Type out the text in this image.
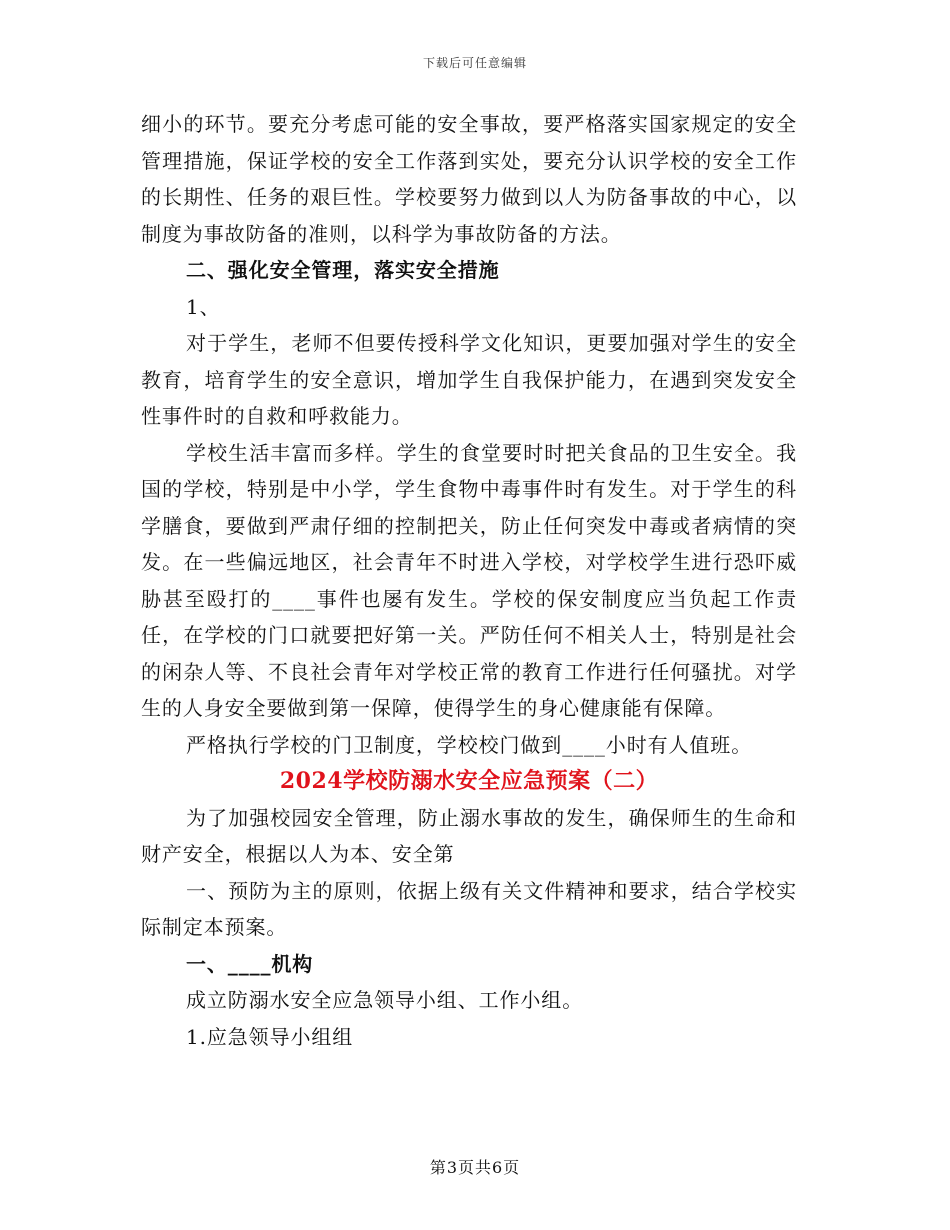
下载后可任意编辑

细小的环节。要充分考虑可能的安全事故，要严格落实国家规定的安全管理措施，保证学校的安全工作落到实处，要充分认识学校的安全工作的长期性、任务的艰巨性。学校要努力做到以人为防备事故的中心，以制度为事故防备的准则，以科学为事故防备的方法。

二、强化安全管理，落实安全措施

1、

对于学生，老师不但要传授科学文化知识，更要加强对学生的安全教育，培育学生的安全意识，增加学生自我保护能力，在遇到突发安全性事件时的自救和呼救能力。

学校生活丰富而多样。学生的食堂要时时把关食品的卫生安全。我国的学校，特别是中小学，学生食物中毒事件时有发生。对于学生的科学膳食，要做到严肃仔细的控制把关，防止任何突发中毒或者病情的突发。在一些偏远地区，社会青年不时进入学校，对学校学生进行恐吓威胁甚至殴打的____事件也屡有发生。学校的保安制度应当负起工作责任，在学校的门口就要把好第一关。严防任何不相关人士，特别是社会的闲杂人等、不良社会青年对学校正常的教育工作进行任何骚扰。对学生的人身安全要做到第一保障，使得学生的身心健康能有保障。

严格执行学校的门卫制度，学校校门做到____小时有人值班。

2024学校防溺水安全应急预案（二）

为了加强校园安全管理，防止溺水事故的发生，确保师生的生命和财产安全，根据以人为本、安全第

一、预防为主的原则，依据上级有关文件精神和要求，结合学校实际制定本预案。

一、____机构

成立防溺水安全应急领导小组、工作小组。

1.应急领导小组组

第3页共6页
